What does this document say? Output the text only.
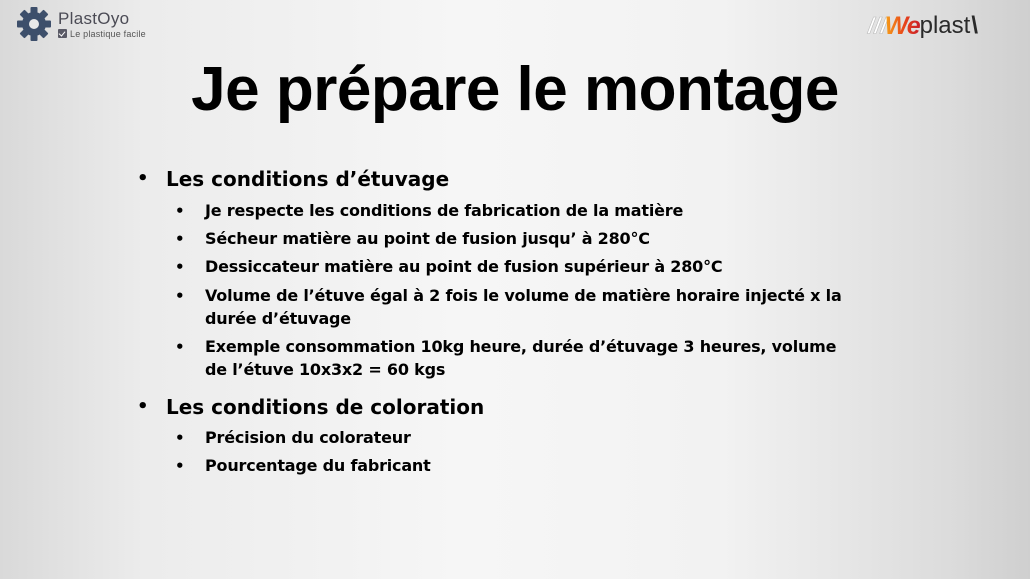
PlastOyo
Le plastique facile	/ / / We plast \
Je prépare le montage
• Les conditions d’étuvage
• Je respecte les conditions de fabrication de la matière
• Sécheur matière au point de fusion jusqu’ à 280°C
• Dessiccateur matière au point de fusion supérieur à 280°C
• Volume de l’étuve égal à 2 fois le volume de matière horaire injecté x la
durée d’étuvage
• Exemple consommation 10kg heure, durée d’étuvage 3 heures, volume
de l’étuve 10x3x2 = 60 kgs
• Les conditions de coloration
• Précision du colorateur
• Pourcentage du fabricant
